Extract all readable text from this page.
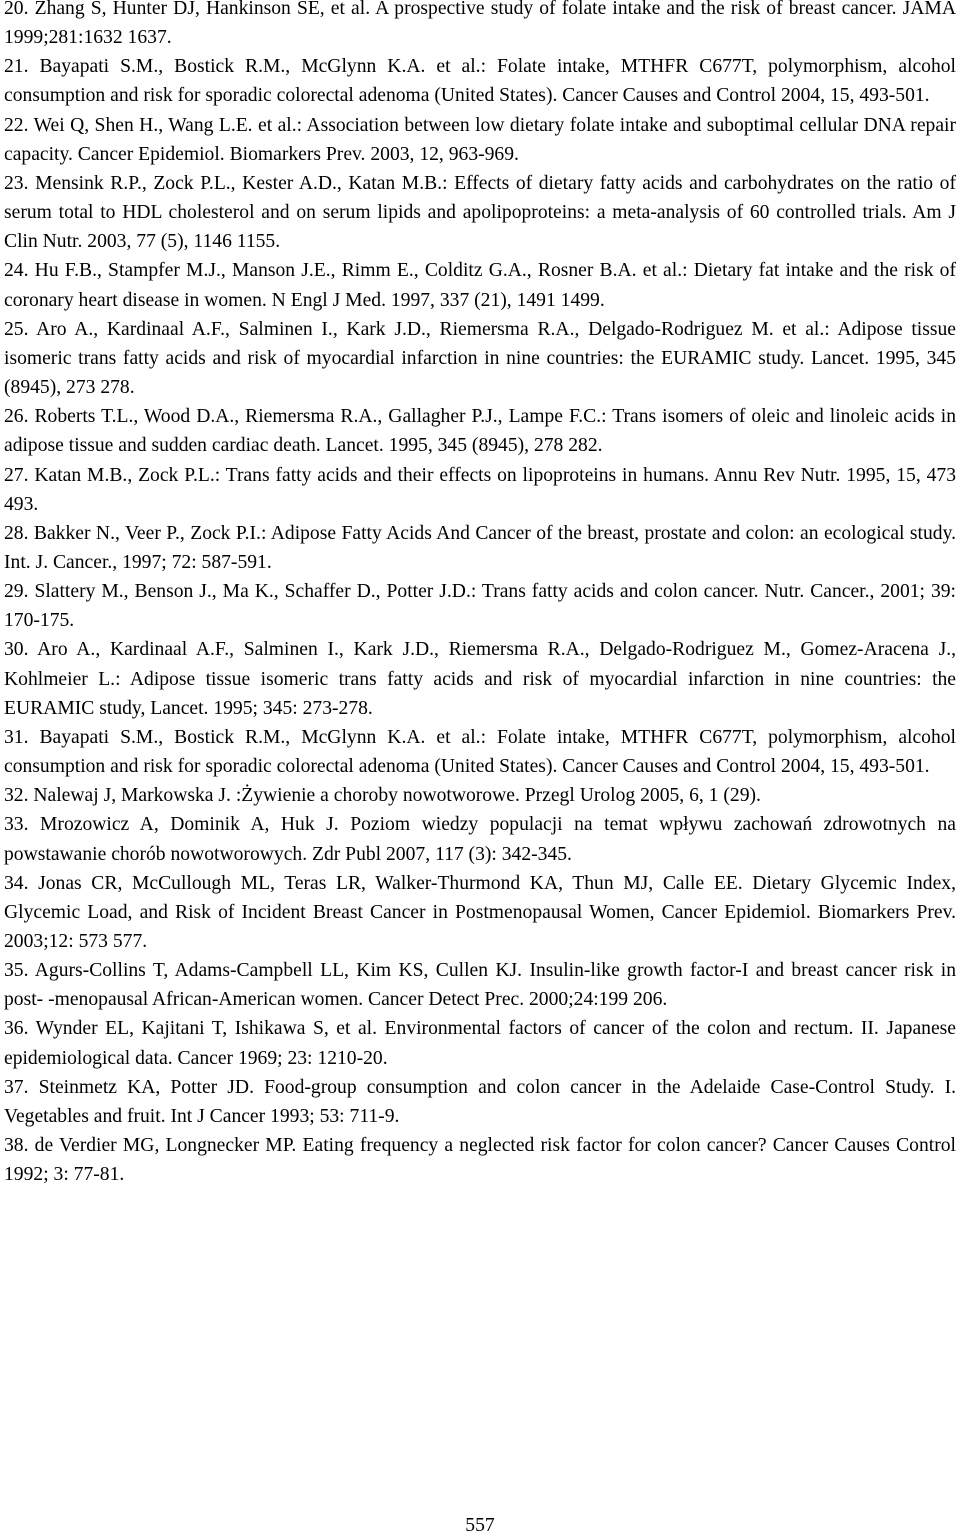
20. Zhang S, Hunter DJ, Hankinson SE, et al. A prospective study of folate intake and the risk of breast cancer. JAMA 1999;281:1632 1637.

21. Bayapati S.M., Bostick R.M., McGlynn K.A. et al.: Folate intake, MTHFR C677T, polymorphism, alcohol consumption and risk for sporadic colorectal adenoma (United States). Cancer Causes and Control 2004, 15, 493-501.

22. Wei Q, Shen H., Wang L.E. et al.: Association between low dietary folate intake and suboptimal cellular DNA repair capacity. Cancer Epidemiol. Biomarkers Prev. 2003, 12, 963-969.

23. Mensink R.P., Zock P.L., Kester A.D., Katan M.B.: Effects of dietary fatty acids and carbohydrates on the ratio of serum total to HDL cholesterol and on serum lipids and apolipoproteins: a meta-analysis of 60 controlled trials. Am J Clin Nutr. 2003, 77 (5), 1146 1155.

24. Hu F.B., Stampfer M.J., Manson J.E., Rimm E., Colditz G.A., Rosner B.A. et al.: Dietary fat intake and the risk of coronary heart disease in women. N Engl J Med. 1997, 337 (21), 1491 1499.

25. Aro A., Kardinaal A.F., Salminen I., Kark J.D., Riemersma R.A., Delgado-Rodriguez M. et al.: Adipose tissue isomeric trans fatty acids and risk of myocardial infarction in nine countries: the EURAMIC study. Lancet. 1995, 345 (8945), 273 278.

26. Roberts T.L., Wood D.A., Riemersma R.A., Gallagher P.J., Lampe F.C.: Trans isomers of oleic and linoleic acids in adipose tissue and sudden cardiac death. Lancet. 1995, 345 (8945), 278 282.

27. Katan M.B., Zock P.L.: Trans fatty acids and their effects on lipoproteins in humans. Annu Rev Nutr. 1995, 15, 473 493.

28. Bakker N., Veer P., Zock P.I.: Adipose Fatty Acids And Cancer of the breast, prostate and colon: an ecological study. Int. J. Cancer., 1997; 72: 587-591.

29. Slattery M., Benson J., Ma K., Schaffer D., Potter J.D.: Trans fatty acids and colon cancer. Nutr. Cancer., 2001; 39: 170-175.

30. Aro A., Kardinaal A.F., Salminen I., Kark J.D., Riemersma R.A., Delgado-Rodriguez M., Gomez-Aracena J., Kohlmeier L.: Adipose tissue isomeric trans fatty acids and risk of myocardial infarction in nine countries: the EURAMIC study, Lancet. 1995; 345: 273-278.

31. Bayapati S.M., Bostick R.M., McGlynn K.A. et al.: Folate intake, MTHFR C677T, polymorphism, alcohol consumption and risk for sporadic colorectal adenoma (United States). Cancer Causes and Control 2004, 15, 493-501.

32. Nalewaj J, Markowska J. :Żywienie a choroby nowotworowe. Przegl Urolog 2005, 6, 1 (29).

33. Mrozowicz A, Dominik A, Huk J. Poziom wiedzy populacji na temat wpływu zachowań zdrowotnych na powstawanie chorób nowotworowych. Zdr Publ 2007, 117 (3): 342-345.

34. Jonas CR, McCullough ML, Teras LR, Walker-Thurmond KA, Thun MJ, Calle EE. Dietary Glycemic Index, Glycemic Load, and Risk of Incident Breast Cancer in Postmenopausal Women, Cancer Epidemiol. Biomarkers Prev. 2003;12: 573 577.

35. Agurs-Collins T, Adams-Campbell LL, Kim KS, Cullen KJ. Insulin-like growth factor-I and breast cancer risk in post- -menopausal African-American women. Cancer Detect Prec. 2000;24:199 206.

36. Wynder EL, Kajitani T, Ishikawa S, et al. Environmental factors of cancer of the colon and rectum. II. Japanese epidemiological data. Cancer 1969; 23: 1210-20.

37. Steinmetz KA, Potter JD. Food-group consumption and colon cancer in the Adelaide Case-Control Study. I. Vegetables and fruit. Int J Cancer 1993; 53: 711-9.

38. de Verdier MG, Longnecker MP. Eating frequency a neglected risk factor for colon cancer? Cancer Causes Control 1992; 3: 77-81.

557
